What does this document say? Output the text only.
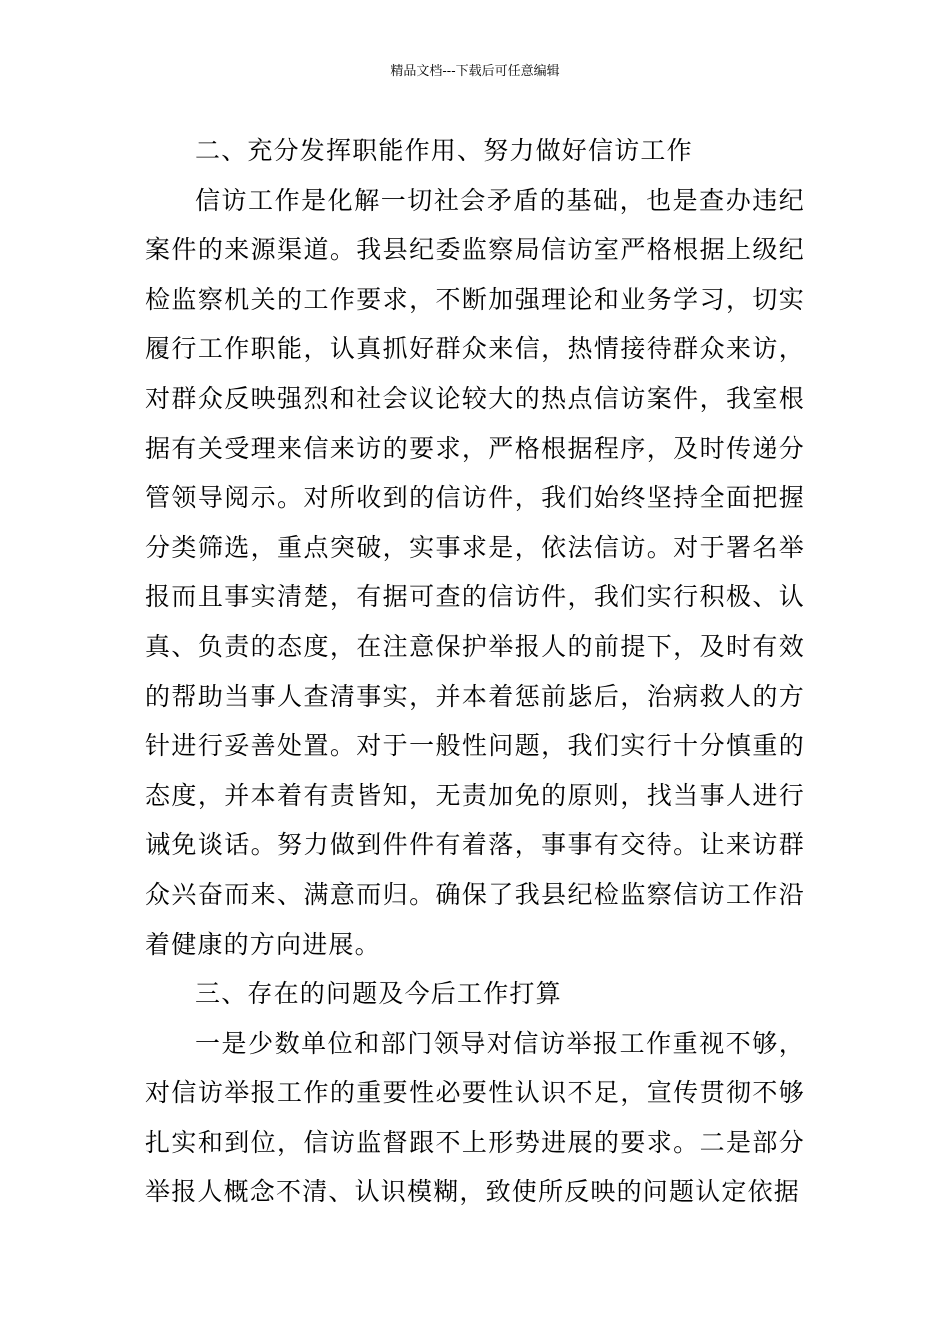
精品文档---下载后可任意编辑

二、充分发挥职能作用、努力做好信访工作

信访工作是化解一切社会矛盾的基础，也是查办违纪案件的来源渠道。我县纪委监察局信访室严格根据上级纪检监察机关的工作要求，不断加强理论和业务学习，切实履行工作职能，认真抓好群众来信，热情接待群众来访，对群众反映强烈和社会议论较大的热点信访案件，我室根据有关受理来信来访的要求，严格根据程序，及时传递分管领导阅示。对所收到的信访件，我们始终坚持全面把握分类筛选，重点突破，实事求是，依法信访。对于署名举报而且事实清楚，有据可查的信访件，我们实行积极、认真、负责的态度，在注意保护举报人的前提下，及时有效的帮助当事人查清事实，并本着惩前毖后，治病救人的方针进行妥善处置。对于一般性问题，我们实行十分慎重的态度，并本着有责皆知，无责加免的原则，找当事人进行诫免谈话。努力做到件件有着落，事事有交待。让来访群众兴奋而来、满意而归。确保了我县纪检监察信访工作沿着健康的方向进展。

三、存在的问题及今后工作打算

一是少数单位和部门领导对信访举报工作重视不够，对信访举报工作的重要性必要性认识不足，宣传贯彻不够扎实和到位，信访监督跟不上形势进展的要求。二是部分举报人概念不清、认识模糊，致使所反映的问题认定依据
